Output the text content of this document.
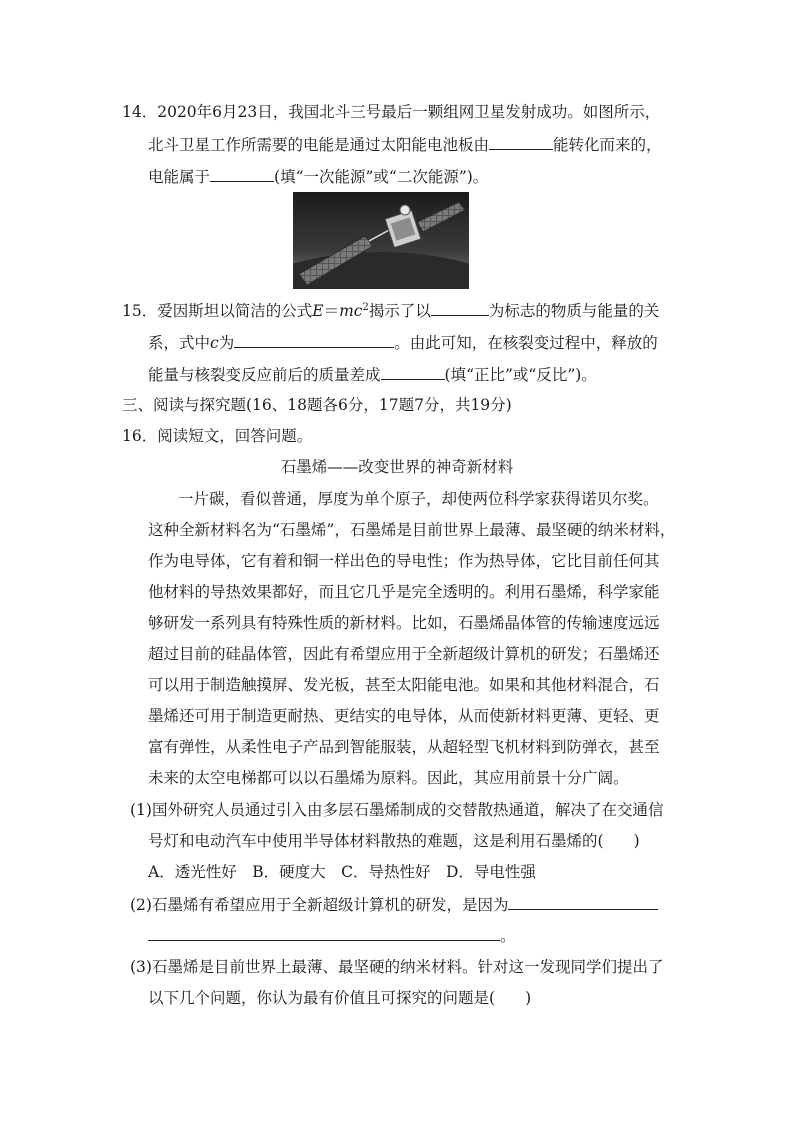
14．2020年6月23日，我国北斗三号最后一颗组网卫星发射成功。如图所示，
北斗卫星工作所需要的电能是通过太阳能电池板由	能转化而来的，
电能属于	(填“一次能源”或“二次能源”)。
15．爱因斯坦以简洁的公式$E=mc^2$揭示了以	为标志的物质与能量的关
系，式中c为	。由此可知，在核裂变过程中，释放的
能量与核裂变反应前后的质量差成	(填“正比”或“反比”)。
三、阅读与探究题(16、18题各6分，17题7分，共19分)
16．阅读短文，回答问题。
石墨烯——改变世界的神奇新材料
一片碳，看似普通，厚度为单个原子，却使两位科学家获得诺贝尔奖。
这种全新材料名为“石墨烯”，石墨烯是目前世界上最薄、最坚硬的纳米材料，
作为电导体，它有着和铜一样出色的导电性；作为热导体，它比目前任何其
他材料的导热效果都好，而且它几乎是完全透明的。利用石墨烯，科学家能
够研发一系列具有特殊性质的新材料。比如，石墨烯晶体管的传输速度远远
超过目前的硅晶体管，因此有希望应用于全新超级计算机的研发；石墨烯还
可以用于制造触摸屏、发光板，甚至太阳能电池。如果和其他材料混合，石
墨烯还可用于制造更耐热、更结实的电导体，从而使新材料更薄、更轻、更
富有弹性，从柔性电子产品到智能服装，从超轻型飞机材料到防弹衣，甚至
未来的太空电梯都可以以石墨烯为原料。因此，其应用前景十分广阔。
(1)国外研究人员通过引入由多层石墨烯制成的交替散热通道，解决了在交通信
号灯和电动汽车中使用半导体材料散热的难题，这是利用石墨烯的( )
A．透光性好　B．硬度大　C．导热性好　D．导电性强
(2)石墨烯有希望应用于全新超级计算机的研发，是因为
。
(3)石墨烯是目前世界上最薄、最坚硬的纳米材料。针对这一发现同学们提出了
以下几个问题，你认为最有价值且可探究的问题是( )
